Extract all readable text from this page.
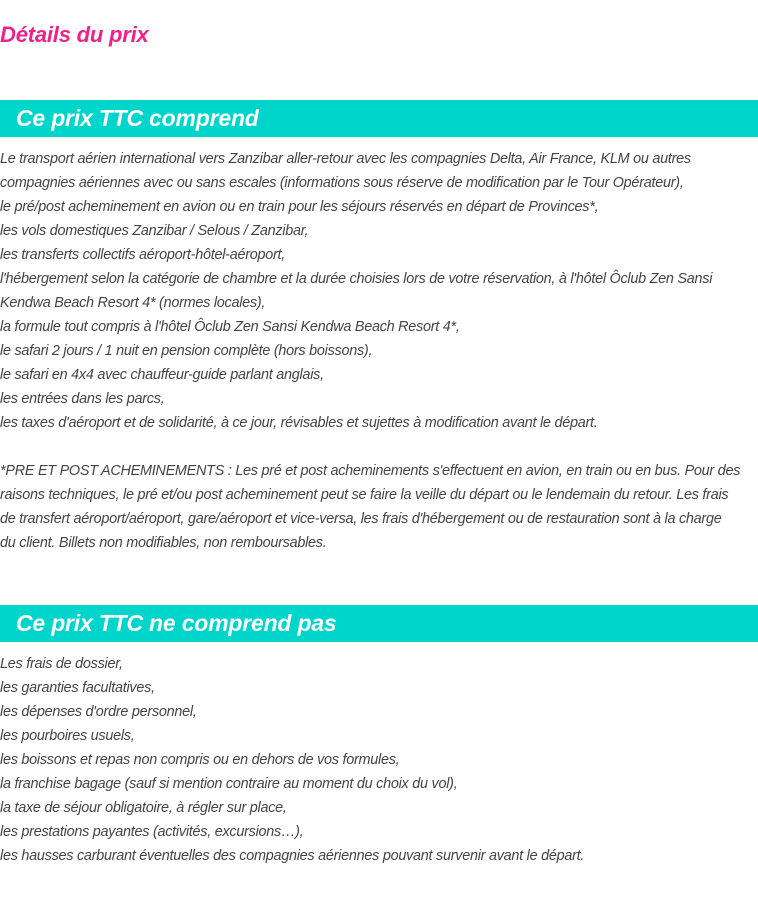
Détails du prix
Ce prix TTC comprend
Le transport aérien international vers Zanzibar aller-retour avec les compagnies Delta, Air France, KLM ou autres
compagnies aériennes avec ou sans escales (informations sous réserve de modification par le Tour Opérateur),
le pré/post acheminement en avion ou en train pour les séjours réservés en départ de Provinces*,
les vols domestiques Zanzibar / Selous / Zanzibar,
les transferts collectifs aéroport-hôtel-aéroport,
l'hébergement selon la catégorie de chambre et la durée choisies lors de votre réservation, à l'hôtel Ôclub Zen Sansi
Kendwa Beach Resort 4* (normes locales),
la formule tout compris à l'hôtel Ôclub Zen Sansi Kendwa Beach Resort 4*,
le safari 2 jours / 1 nuit en pension complète (hors boissons),
le safari en 4x4 avec chauffeur-guide parlant anglais,
les entrées dans les parcs,
les taxes d'aéroport et de solidarité, à ce jour, révisables et sujettes à modification avant le départ.
*PRE ET POST ACHEMINEMENTS : Les pré et post acheminements s'effectuent en avion, en train ou en bus. Pour des
raisons techniques, le pré et/ou post acheminement peut se faire la veille du départ ou le lendemain du retour. Les frais
de transfert aéroport/aéroport, gare/aéroport et vice-versa, les frais d'hébergement ou de restauration sont à la charge
du client. Billets non modifiables, non remboursables.
Ce prix TTC ne comprend pas
Les frais de dossier,
les garanties facultatives,
les dépenses d'ordre personnel,
les pourboires usuels,
les boissons et repas non compris ou en dehors de vos formules,
la franchise bagage (sauf si mention contraire au moment du choix du vol),
la taxe de séjour obligatoire, à régler sur place,
les prestations payantes (activités, excursions…),
les hausses carburant éventuelles des compagnies aériennes pouvant survenir avant le départ.
